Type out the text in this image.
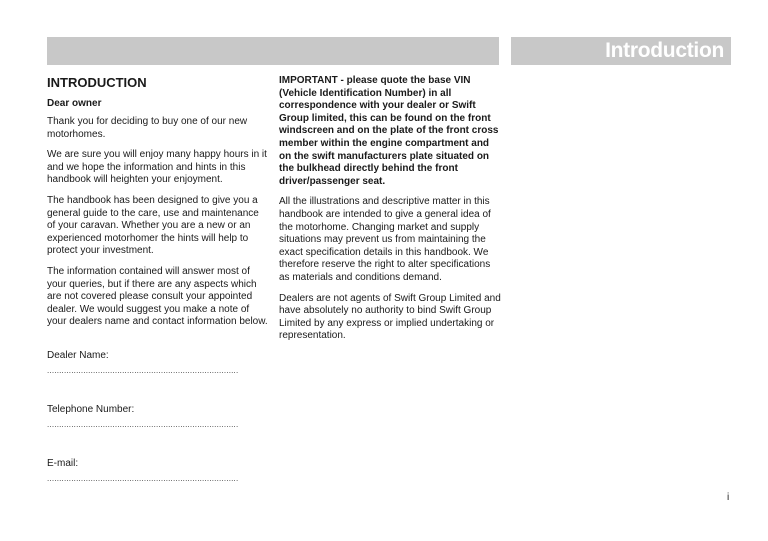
Introduction
INTRODUCTION
Dear owner

Thank you for deciding to buy one of our new motorhomes.

We are sure you will enjoy many happy hours in it and we hope the information and hints in this handbook will heighten your enjoyment.

The handbook has been designed to give you a general guide to the care, use and maintenance of your caravan. Whether you are a new or an experienced motorhomer the hints will help to protect your investment.

The information contained will answer most of your queries, but if there are any aspects which are not covered please consult your appointed dealer. We would suggest you make a note of your dealers name and contact information below.

Dealer Name:
...............................................................................
Telephone Number:
...............................................................................
E-mail:
...............................................................................

IMPORTANT - please quote the base VIN (Vehicle Identification Number) in all correspondence with your dealer or Swift Group limited, this can be found on the front windscreen and on the plate of the front cross member within the engine compartment and on the swift manufacturers plate situated on the bulkhead directly behind the front driver/passenger seat.

All the illustrations and descriptive matter in this handbook are intended to give a general idea of the motorhome. Changing market and supply situations may prevent us from maintaining the exact specification details in this handbook. We therefore reserve the right to alter specifications as materials and conditions demand.

Dealers are not agents of Swift Group Limited and have absolutely no authority to bind Swift Group Limited by any express or implied undertaking or representation.

i
